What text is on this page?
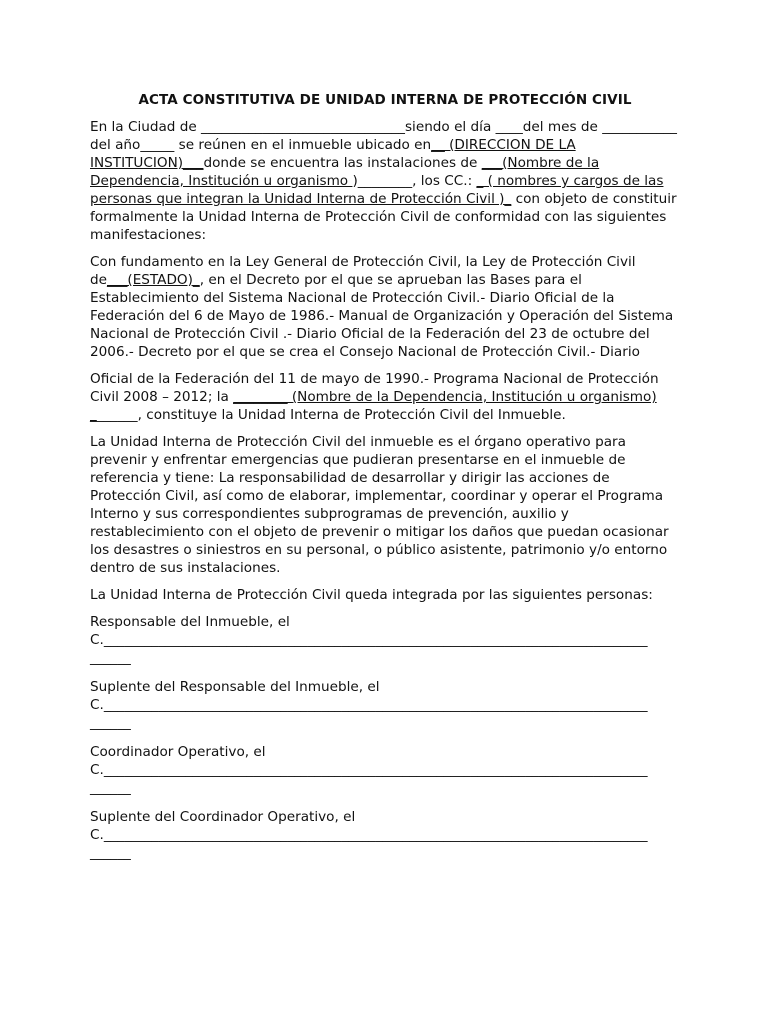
ACTA CONSTITUTIVA DE UNIDAD INTERNA DE PROTECCIÓN CIVIL

En la Ciudad de ______________________________siendo el día ____del mes de ___________ del año_____ se reúnen en el inmueble ubicado en__ (DIRECCION DE LA INSTITUCION)___donde se encuentra las instalaciones de ___(Nombre de la Dependencia, Institución u organismo )________, los CC.: _ ( nombres y cargos de las personas que integran la Unidad Interna de Protección Civil )_ con objeto de constituir formalmente la Unidad Interna de Protección Civil de conformidad con las siguientes manifestaciones:

Con fundamento en la Ley General de Protección Civil, la Ley de Protección Civil de___(ESTADO)_, en el Decreto por el que se aprueban las Bases para el Establecimiento del Sistema Nacional de Protección Civil.- Diario Oficial de la Federación del 6 de Mayo de 1986.- Manual de Organización y Operación del Sistema Nacional de Protección Civil .- Diario Oficial de la Federación del 23 de octubre del 2006.- Decreto por el que se crea el Consejo Nacional de Protección Civil.- Diario

Oficial de la Federación del 11 de mayo de 1990.- Programa Nacional de Protección Civil 2008 – 2012; la ________ (Nombre de la Dependencia, Institución u organismo) _______, constituye la Unidad Interna de Protección Civil del Inmueble.

La Unidad Interna de Protección Civil del inmueble es el órgano operativo para prevenir y enfrentar emergencias que pudieran presentarse en el inmueble de referencia y tiene: La responsabilidad de desarrollar y dirigir las acciones de Protección Civil, así como de elaborar, implementar, coordinar y operar el Programa Interno y sus correspondientes subprogramas de prevención, auxilio y restablecimiento con el objeto de prevenir o mitigar los daños que puedan ocasionar los desastres o siniestros en su personal, o público asistente, patrimonio y/o entorno dentro de sus instalaciones.

La Unidad Interna de Protección Civil queda integrada por las siguientes personas:

Responsable del Inmueble, el
C.________________________________________________________________________________
______
Suplente del Responsable del Inmueble, el
C.________________________________________________________________________________
______
Coordinador Operativo, el
C.________________________________________________________________________________
______
Suplente del Coordinador Operativo, el
C.________________________________________________________________________________
______
